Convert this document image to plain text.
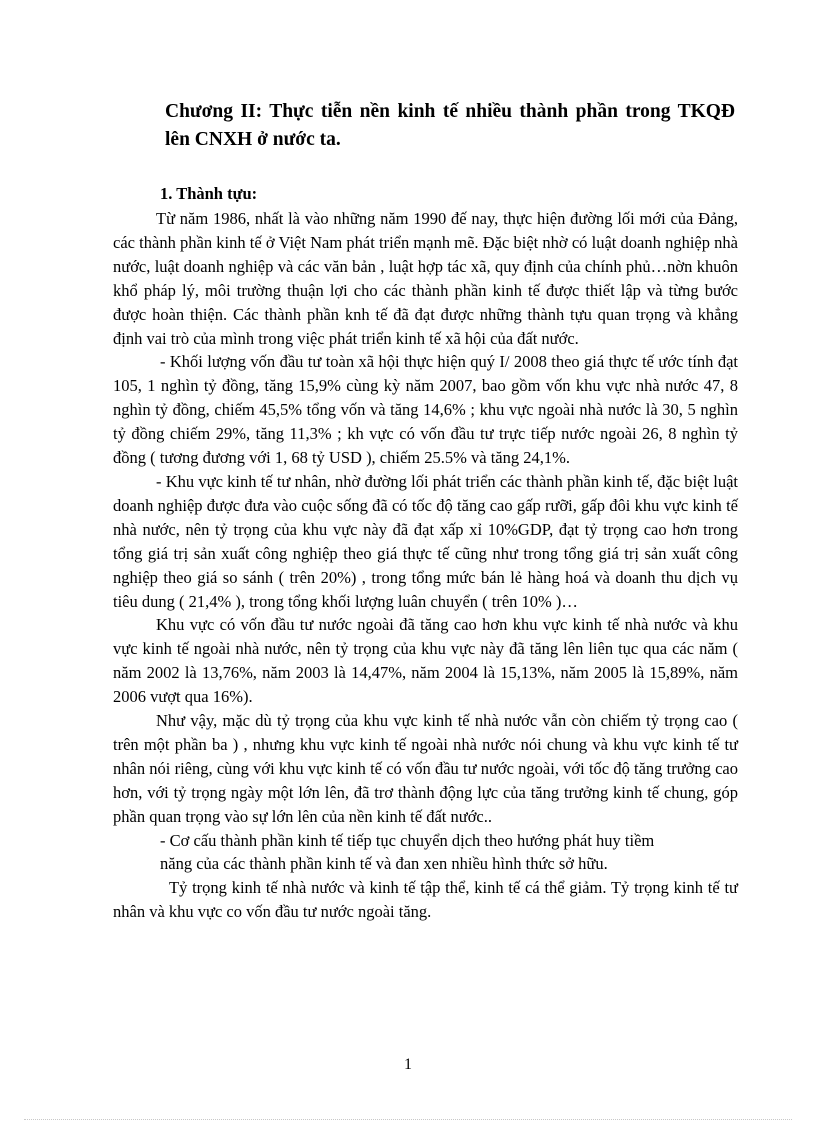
Chương II: Thực tiễn nền kinh tế nhiều thành phần trong TKQĐ lên CNXH ở nước ta.
1. Thành tựu:

Từ năm 1986, nhất là vào những năm 1990 đế nay, thực hiện đường lối mới của Đảng, các thành phần kinh tế ở Việt Nam phát triển mạnh mẽ. Đặc biệt nhờ có luật doanh nghiệp nhà nước, luật doanh nghiệp và các văn bản , luật hợp tác xã, quy định của chính phủ…nờn khuôn khổ pháp lý, môi trường thuận lợi cho các thành phần kinh tế được thiết lập và từng bước được hoàn thiện. Các thành phần knh tế đã đạt được những thành tựu quan trọng và khẳng định vai trò của mình trong việc phát triển kinh tế xã hội của đất nước.

- Khối lượng vốn đầu tư toàn xã hội thực hiện quý I/ 2008 theo giá thực tế ước tính đạt 105, 1 nghìn tỷ đồng, tăng 15,9% cùng kỳ năm 2007, bao gồm vốn khu vực nhà nước 47, 8 nghìn tỷ đồng, chiếm 45,5% tổng vốn và tăng 14,6% ; khu vực ngoài nhà nước là 30, 5 nghìn tỷ đồng chiếm 29%, tăng 11,3% ; kh vực có vốn đầu tư trực tiếp nước ngoài 26, 8 nghìn tỷ đồng ( tương đương với 1, 68 tỷ USD ), chiếm 25.5% và tăng 24,1%.

- Khu vực kinh tế tư nhân, nhờ đường lối phát triển các thành phần kinh tế, đặc biệt luật doanh nghiệp được đưa vào cuộc sống đã có tốc độ tăng cao gấp rưỡi, gấp đôi khu vực kinh tế nhà nước, nên tỷ trọng của khu vực này đã đạt xấp xỉ 10%GDP, đạt tỷ trọng cao hơn trong tổng giá trị sản xuất công nghiệp theo giá thực tế cũng như trong tổng giá trị sản xuất công nghiệp theo giá so sánh ( trên 20%) , trong tổng mức bán lẻ hàng hoá và doanh thu dịch vụ tiêu dung ( 21,4% ), trong tổng khối lượng luân chuyển ( trên 10% )…

Khu vực có vốn đầu tư nước ngoài đã tăng cao hơn khu vực kinh tế nhà nước và khu vực kinh tế ngoài nhà nước, nên tỷ trọng của khu vực này đã tăng lên liên tục qua các năm ( năm 2002 là 13,76%, năm 2003 là 14,47%, năm 2004 là 15,13%, năm 2005 là 15,89%, năm 2006 vượt qua 16%).

Như vậy, mặc dù tỷ trọng của khu vực kinh tế nhà nước vẫn còn chiếm tỷ trọng cao ( trên một phần ba ) , nhưng khu vực kinh tế ngoài nhà nước nói chung và khu vực kinh tế tư nhân nói riêng, cùng với khu vực kinh tế có vốn đầu tư nước ngoài, với tốc độ tăng trưởng cao hơn, với tỷ trọng ngày một lớn lên, đã trơ thành động lực của tăng trưởng kinh tế chung, góp phần quan trọng vào sự lớn lên của nền kinh tế đất nước..

- Cơ cấu thành phần kinh tế tiếp tục chuyển dịch theo hướng phát huy tiềm
năng của các thành phần kinh tế và đan xen nhiều hình thức sở hữu.

Tỷ trọng kinh tế nhà nước và kinh tế tập thể, kinh tế cá thể giảm. Tỷ trọng kinh tế tư nhân và khu vực co vốn đầu tư nước ngoài tăng.

1
